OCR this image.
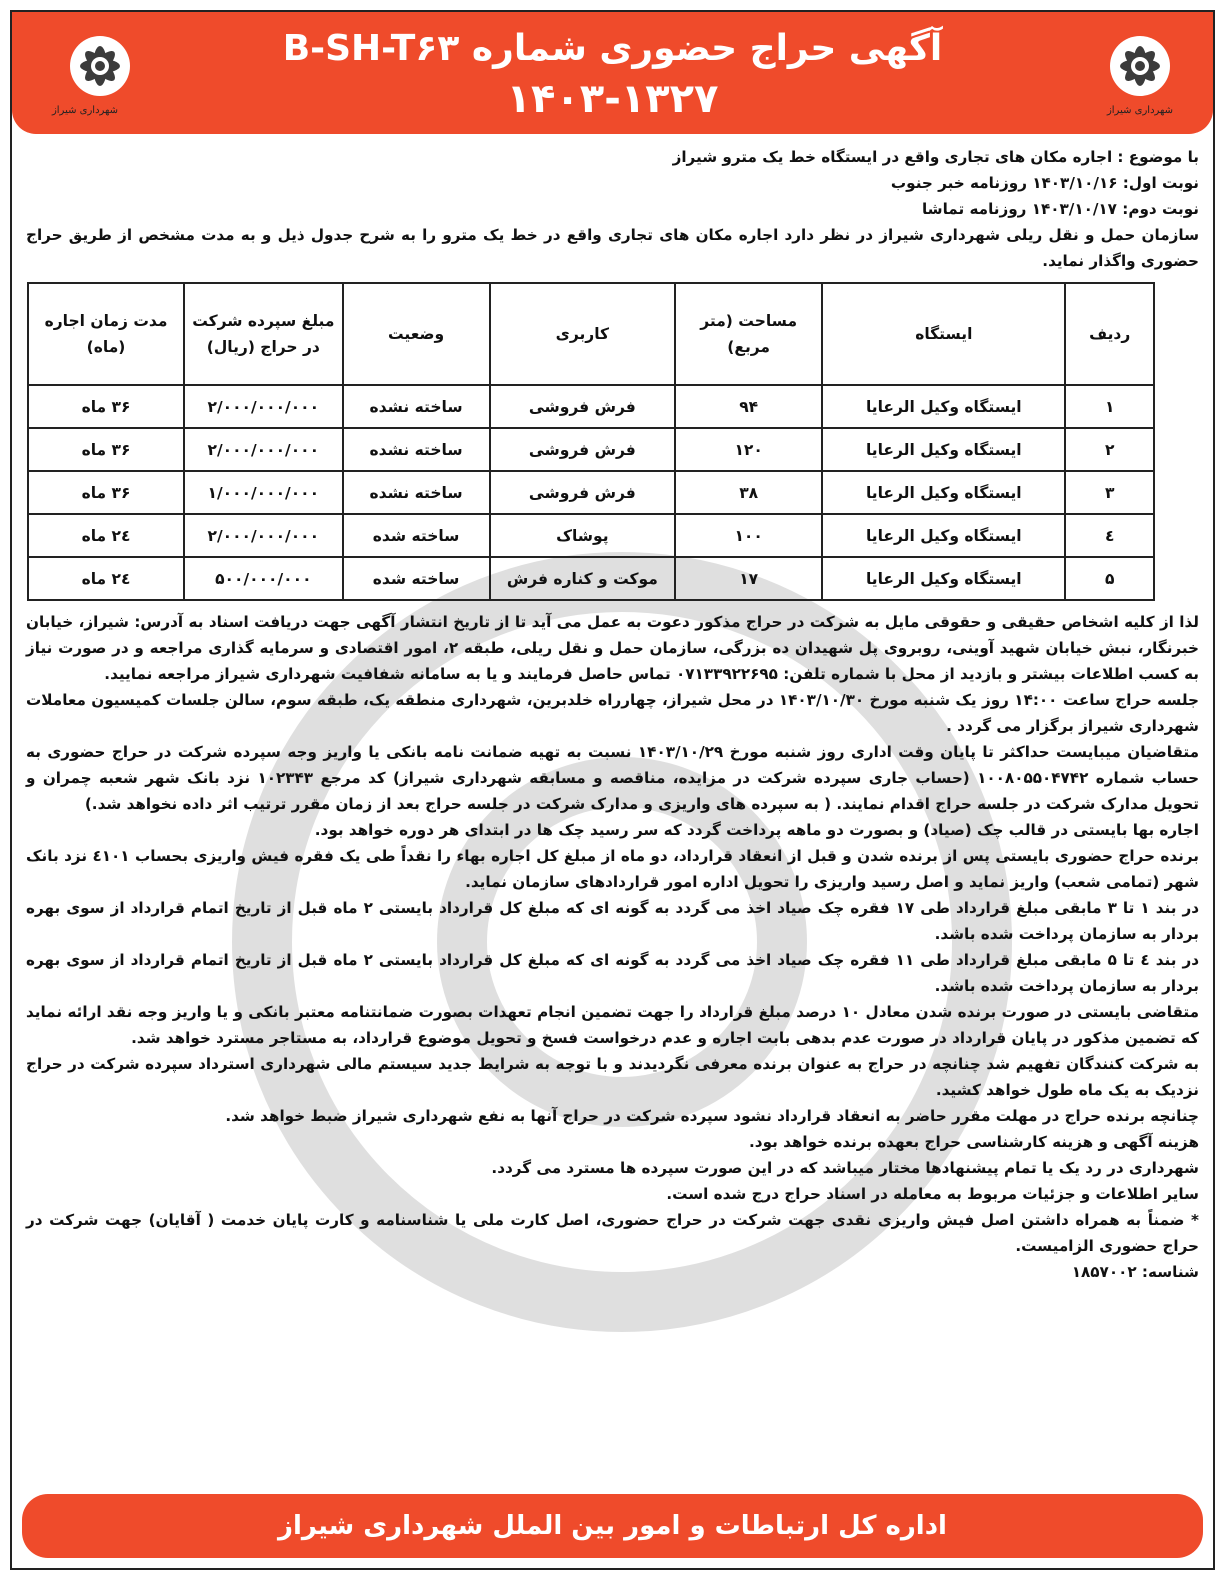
شهرداری شیراز
آگهی حراج حضوری شماره B-SH-T۶۳
۱۴۰۳-۱۳۲۷	شهرداری شیراز

با موضوع : اجاره مکان های تجاری واقع در ایستگاه خط یک مترو شیراز

نوبت اول: ۱۴۰۳/۱۰/۱۶ روزنامه خبر جنوب

نوبت دوم: ۱۴۰۳/۱۰/۱۷ روزنامه تماشا

سازمان حمل و نقل ریلی شهرداری شیراز در نظر دارد اجاره مکان های تجاری واقع در خط یک مترو را به شرح جدول ذیل و به مدت مشخص از طریق حراج حضوری واگذار نماید.

ردیف	ایستگاه	مساحت (متر مربع)	کاربری	وضعیت	مبلغ سپرده شرکت در حراج (ریال)	مدت زمان اجاره (ماه)
۱	ایستگاه وکیل الرعایا	۹۴	فرش فروشی	ساخته نشده	۲/۰۰۰/۰۰۰/۰۰۰	۳۶ ماه
۲	ایستگاه وکیل الرعایا	۱۲۰	فرش فروشی	ساخته نشده	۲/۰۰۰/۰۰۰/۰۰۰	۳۶ ماه
۳	ایستگاه وکیل الرعایا	۳۸	فرش فروشی	ساخته نشده	۱/۰۰۰/۰۰۰/۰۰۰	۳۶ ماه
٤	ایستگاه وکیل الرعایا	۱۰۰	پوشاک	ساخته شده	۲/۰۰۰/۰۰۰/۰۰۰	۲٤ ماه
۵	ایستگاه وکیل الرعایا	۱۷	موکت و کناره فرش	ساخته شده	۵۰۰/۰۰۰/۰۰۰	۲٤ ماه

لذا از کلیه اشخاص حقیقی و حقوقی مایل به شرکت در حراج مذکور دعوت به عمل می آید تا از تاریخ انتشار آگهی جهت دریافت اسناد به آدرس: شیراز، خیابان خبرنگار، نبش خیابان شهید آوینی، روبروی پل شهیدان ده بزرگی، سازمان حمل و نقل ریلی، طبقه ۲، امور اقتصادی و سرمایه گذاری مراجعه و در صورت نیاز به کسب اطلاعات بیشتر و بازدید از محل با شماره تلفن: ۰۷۱۳۳۹۲۲۶۹۵ تماس حاصل فرمایند و یا به سامانه شفافیت شهرداری شیراز مراجعه نمایید.

جلسه حراج ساعت ۱۴:۰۰ روز یک شنبه مورخ ۱۴۰۳/۱۰/۳۰ در محل شیراز، چهارراه خلدبرین، شهرداری منطقه یک، طبقه سوم، سالن جلسات کمیسیون معاملات شهرداری شیراز برگزار می گردد .

متقاضیان میبایست حداکثر تا پایان وقت اداری روز شنبه مورخ ۱۴۰۳/۱۰/۲۹ نسبت به تهیه ضمانت نامه بانکی یا واریز وجه سپرده شرکت در حراج حضوری به حساب شماره ۱۰۰۸۰۵۵۰۴۷۴۲ (حساب جاری سپرده شرکت در مزایده، مناقصه و مسابقه شهرداری شیراز) کد مرجع ۱۰۲۳۴۳ نزد بانک شهر شعبه چمران و تحویل مدارک شرکت در جلسه حراج اقدام نمایند. ( به سپرده های واریزی و مدارک شرکت در جلسه حراج بعد از زمان مقرر ترتیب اثر داده نخواهد شد.)

اجاره بها بایستی در قالب چک (صیاد) و بصورت دو ماهه پرداخت گردد که سر رسید چک ها در ابتدای هر دوره خواهد بود.

برنده حراج حضوری بایستی پس از برنده شدن و قبل از انعقاد قرارداد، دو ماه از مبلغ کل اجاره بهاء را نقداً طی یک فقره فیش واریزی بحساب ٤۱۰۱ نزد بانک شهر (تمامی شعب) واریز نماید و اصل رسید واریزی را تحویل اداره امور قراردادهای سازمان نماید.

در بند ۱ تا ۳ مابقی مبلغ قرارداد طی ۱۷ فقره چک صیاد اخذ می گردد به گونه ای که مبلغ کل قرارداد بایستی ۲ ماه قبل از تاریخ اتمام قرارداد از سوی بهره بردار به سازمان پرداخت شده باشد.

در بند ٤ تا ۵ مابقی مبلغ قرارداد طی ۱۱ فقره چک صیاد اخذ می گردد به گونه ای که مبلغ کل قرارداد بایستی ۲ ماه قبل از تاریخ اتمام قرارداد از سوی بهره بردار به سازمان پرداخت شده باشد.

متقاضی بایستی در صورت برنده شدن معادل ۱۰ درصد مبلغ قرارداد را جهت تضمین انجام تعهدات بصورت ضمانتنامه معتبر بانکی و یا واریز وجه نقد ارائه نماید که تضمین مذکور در پایان قرارداد در صورت عدم بدهی بابت اجاره و عدم درخواست فسخ و تحویل موضوع قرارداد، به مستاجر مسترد خواهد شد.

به شرکت کنندگان تفهیم شد چنانچه در حراج به عنوان برنده معرفی نگردیدند و با توجه به شرایط جدید سیستم مالی شهرداری استرداد سپرده شرکت در حراج نزدیک به یک ماه طول خواهد کشید.

چنانچه برنده حراج در مهلت مقرر حاضر به انعقاد قرارداد نشود سپرده شرکت در حراج آنها به نفع شهرداری شیراز ضبط خواهد شد.

هزینه آگهی و هزینه کارشناسی حراج بعهده برنده خواهد بود.

شهرداری در رد یک یا تمام پیشنهادها مختار میباشد که در این صورت سپرده ها مسترد می گردد.

سایر اطلاعات و جزئیات مربوط به معامله در اسناد حراج درج شده است.

* ضمناً به همراه داشتن اصل فیش واریزی نقدی جهت شرکت در حراج حضوری، اصل کارت ملی یا شناسنامه و کارت پایان خدمت ( آقایان) جهت شرکت در حراج حضوری الزامیست.

شناسه: ۱۸۵۷۰۰۲

اداره کل ارتباطات و امور بین الملل شهرداری شیراز
